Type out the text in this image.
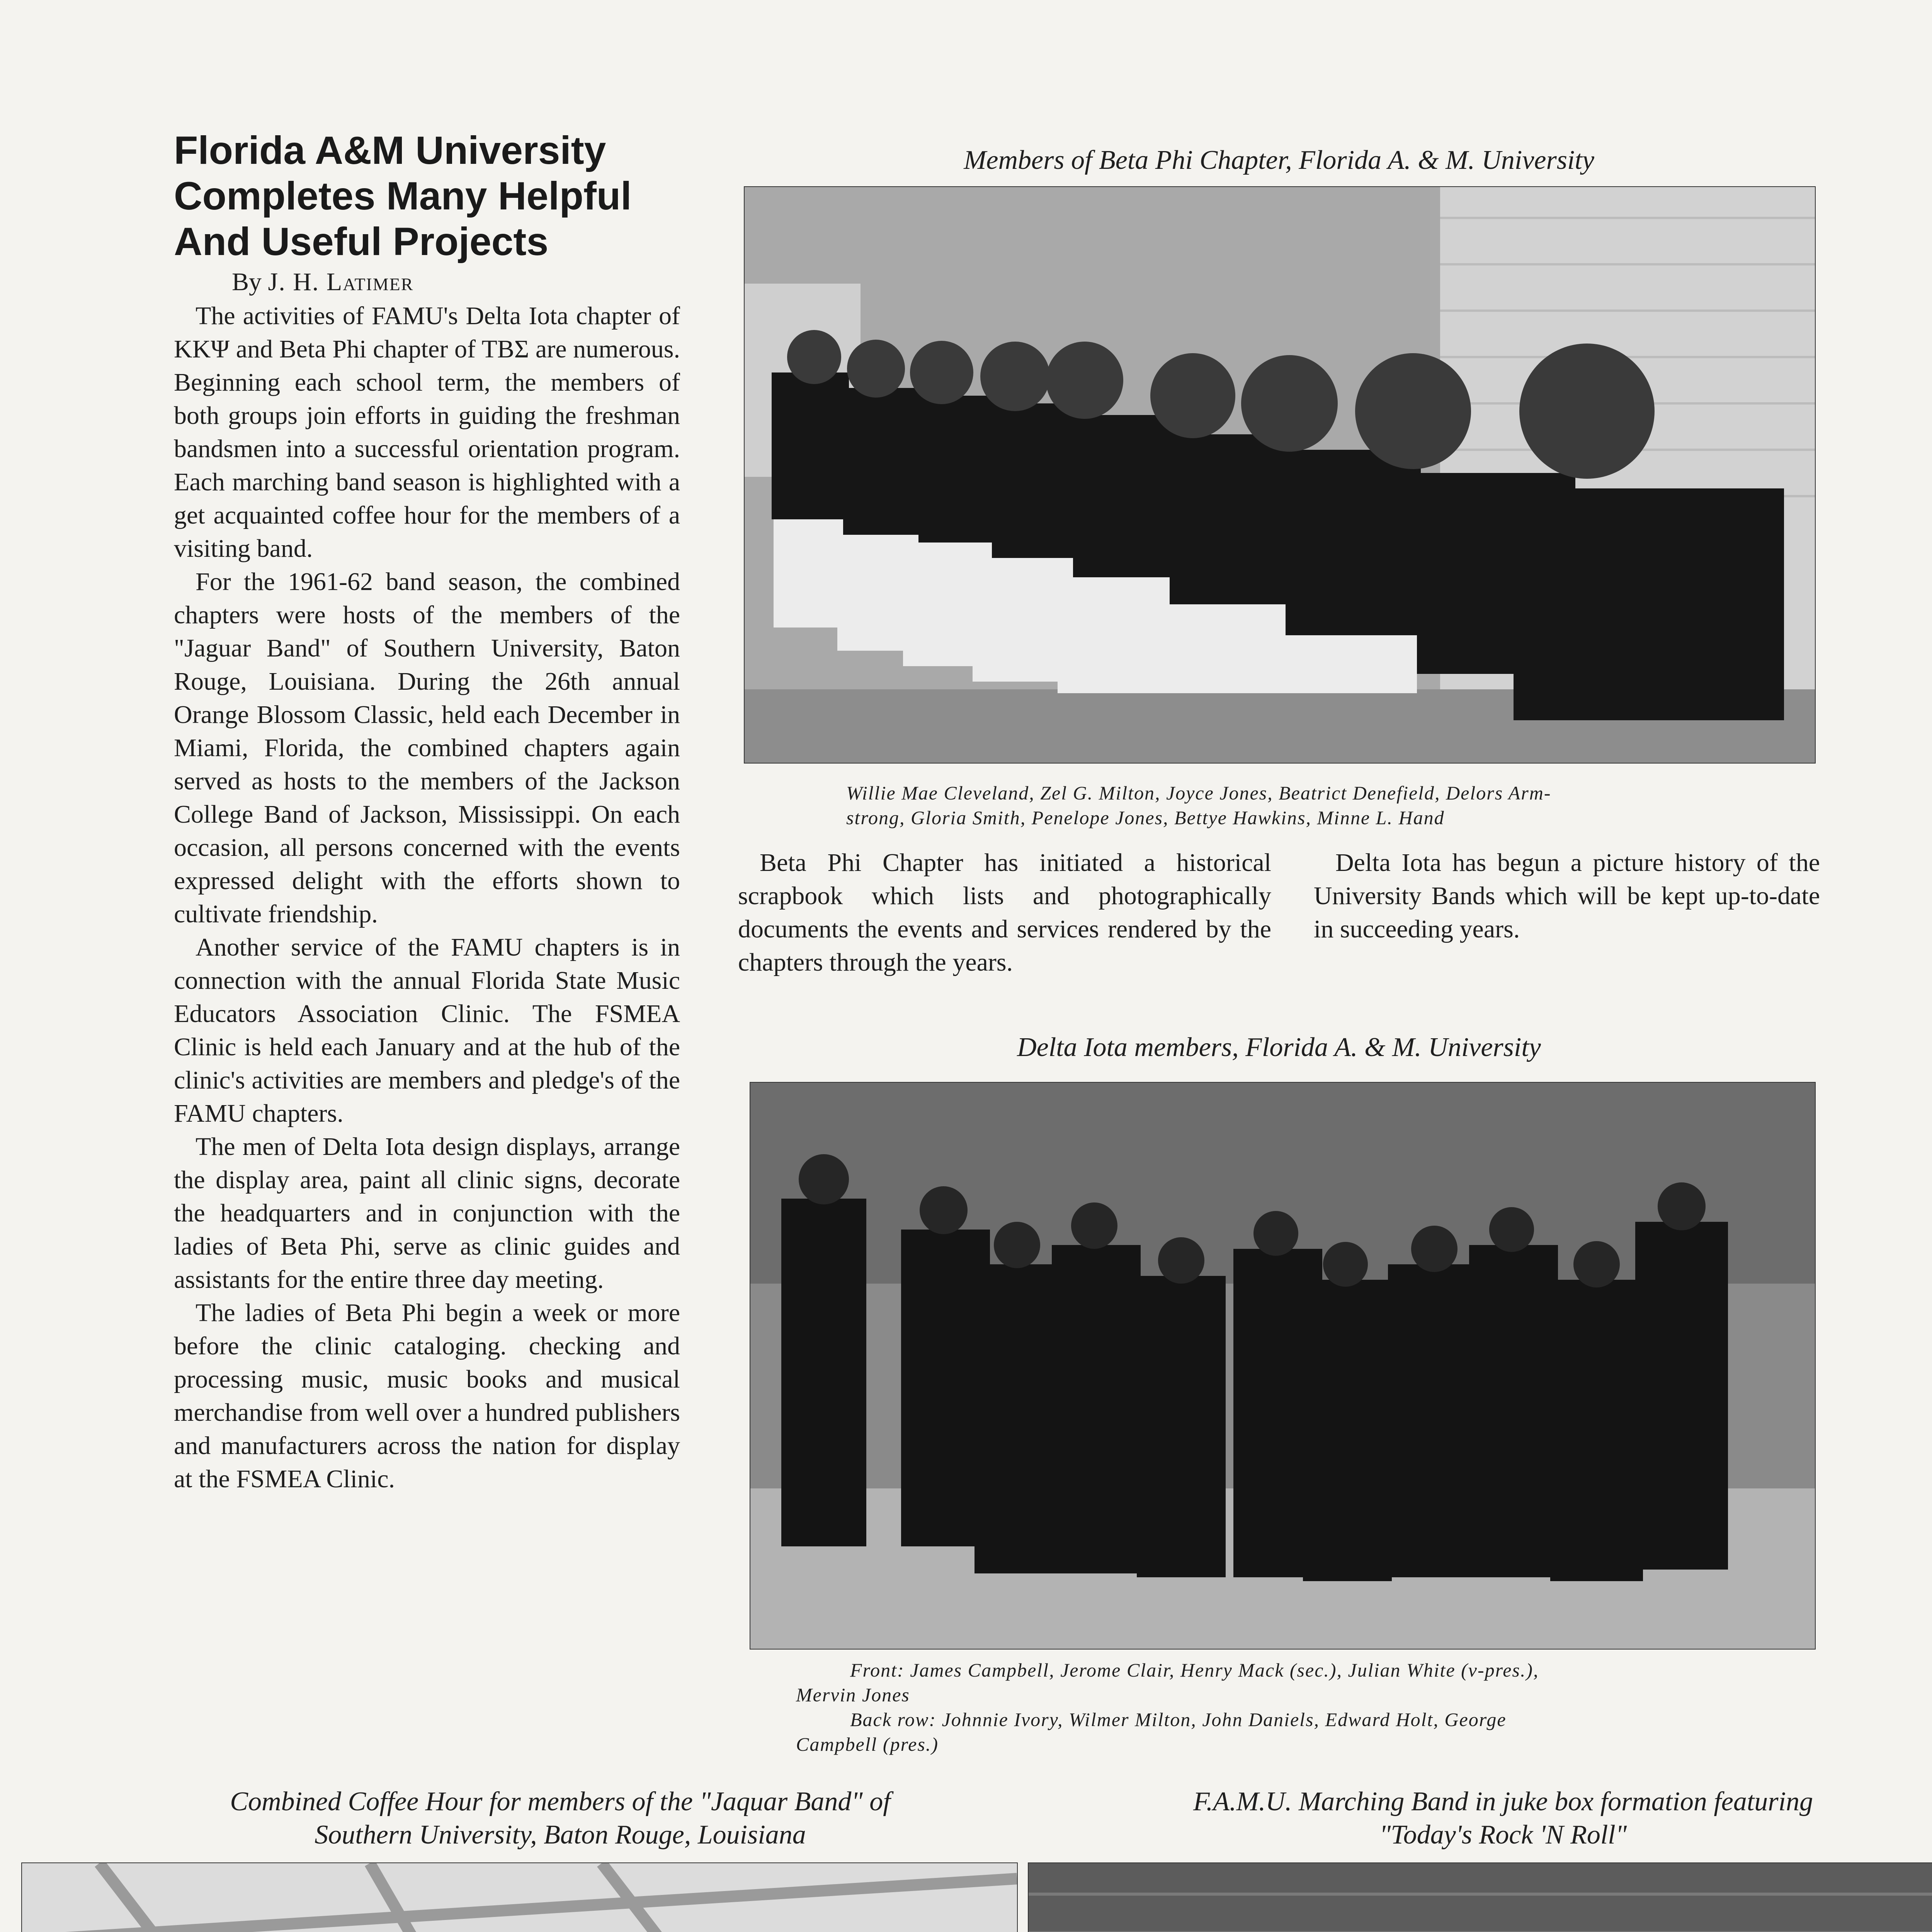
Florida A&M University
Completes Many Helpful
And Useful Projects
By J. H. Latimer

The activities of FAMU's Delta Iota chapter of KKΨ and Beta Phi chapter of TBΣ are numerous. Beginning each school term, the members of both groups join efforts in guiding the freshman bandsmen into a successful orientation program. Each marching band season is highlighted with a get acquainted coffee hour for the members of a visiting band.

For the 1961-62 band season, the combined chapters were hosts of the members of the "Jaguar Band" of Southern University, Baton Rouge, Louisiana. During the 26th annual Orange Blossom Classic, held each December in Miami, Florida, the combined chapters again served as hosts to the members of the Jackson College Band of Jackson, Mississippi. On each occasion, all persons concerned with the events expressed delight with the efforts shown to cultivate friendship.

Another service of the FAMU chapters is in connection with the annual Florida State Music Educators Association Clinic. The FSMEA Clinic is held each January and at the hub of the clinic's activities are members and pledge's of the FAMU chapters.

The men of Delta Iota design displays, arrange the display area, paint all clinic signs, decorate the headquarters and in conjunction with the ladies of Beta Phi, serve as clinic guides and assistants for the entire three day meeting.

The ladies of Beta Phi begin a week or more before the clinic cataloging. checking and processing music, music books and musical merchandise from well over a hundred publishers and manufacturers across the nation for display at the FSMEA Clinic.

Members of Beta Phi Chapter, Florida A. & M. University
Willie Mae Cleveland, Zel G. Milton, Joyce Jones, Beatrict Denefield, Delors Arm-
strong, Gloria Smith, Penelope Jones, Bettye Hawkins, Minne L. Hand

Beta Phi Chapter has initiated a historical scrapbook which lists and photographically documents the events and services rendered by the chapters through the years.

Delta Iota has begun a picture history of the University Bands which will be kept up-to-date in succeeding years.

Delta Iota members, Florida A. & M. University
Front: James Campbell, Jerome Clair, Henry Mack (sec.), Julian White (v-pres.),
Mervin Jones
Back row: Johnnie Ivory, Wilmer Milton, John Daniels, Edward Holt, George
Campbell (pres.)
Combined Coffee Hour for members of the "Jaquar Band" of
Southern University, Baton Rouge, Louisiana
F.A.M.U. Marching Band in juke box formation featuring
"Today's Rock 'N Roll"
